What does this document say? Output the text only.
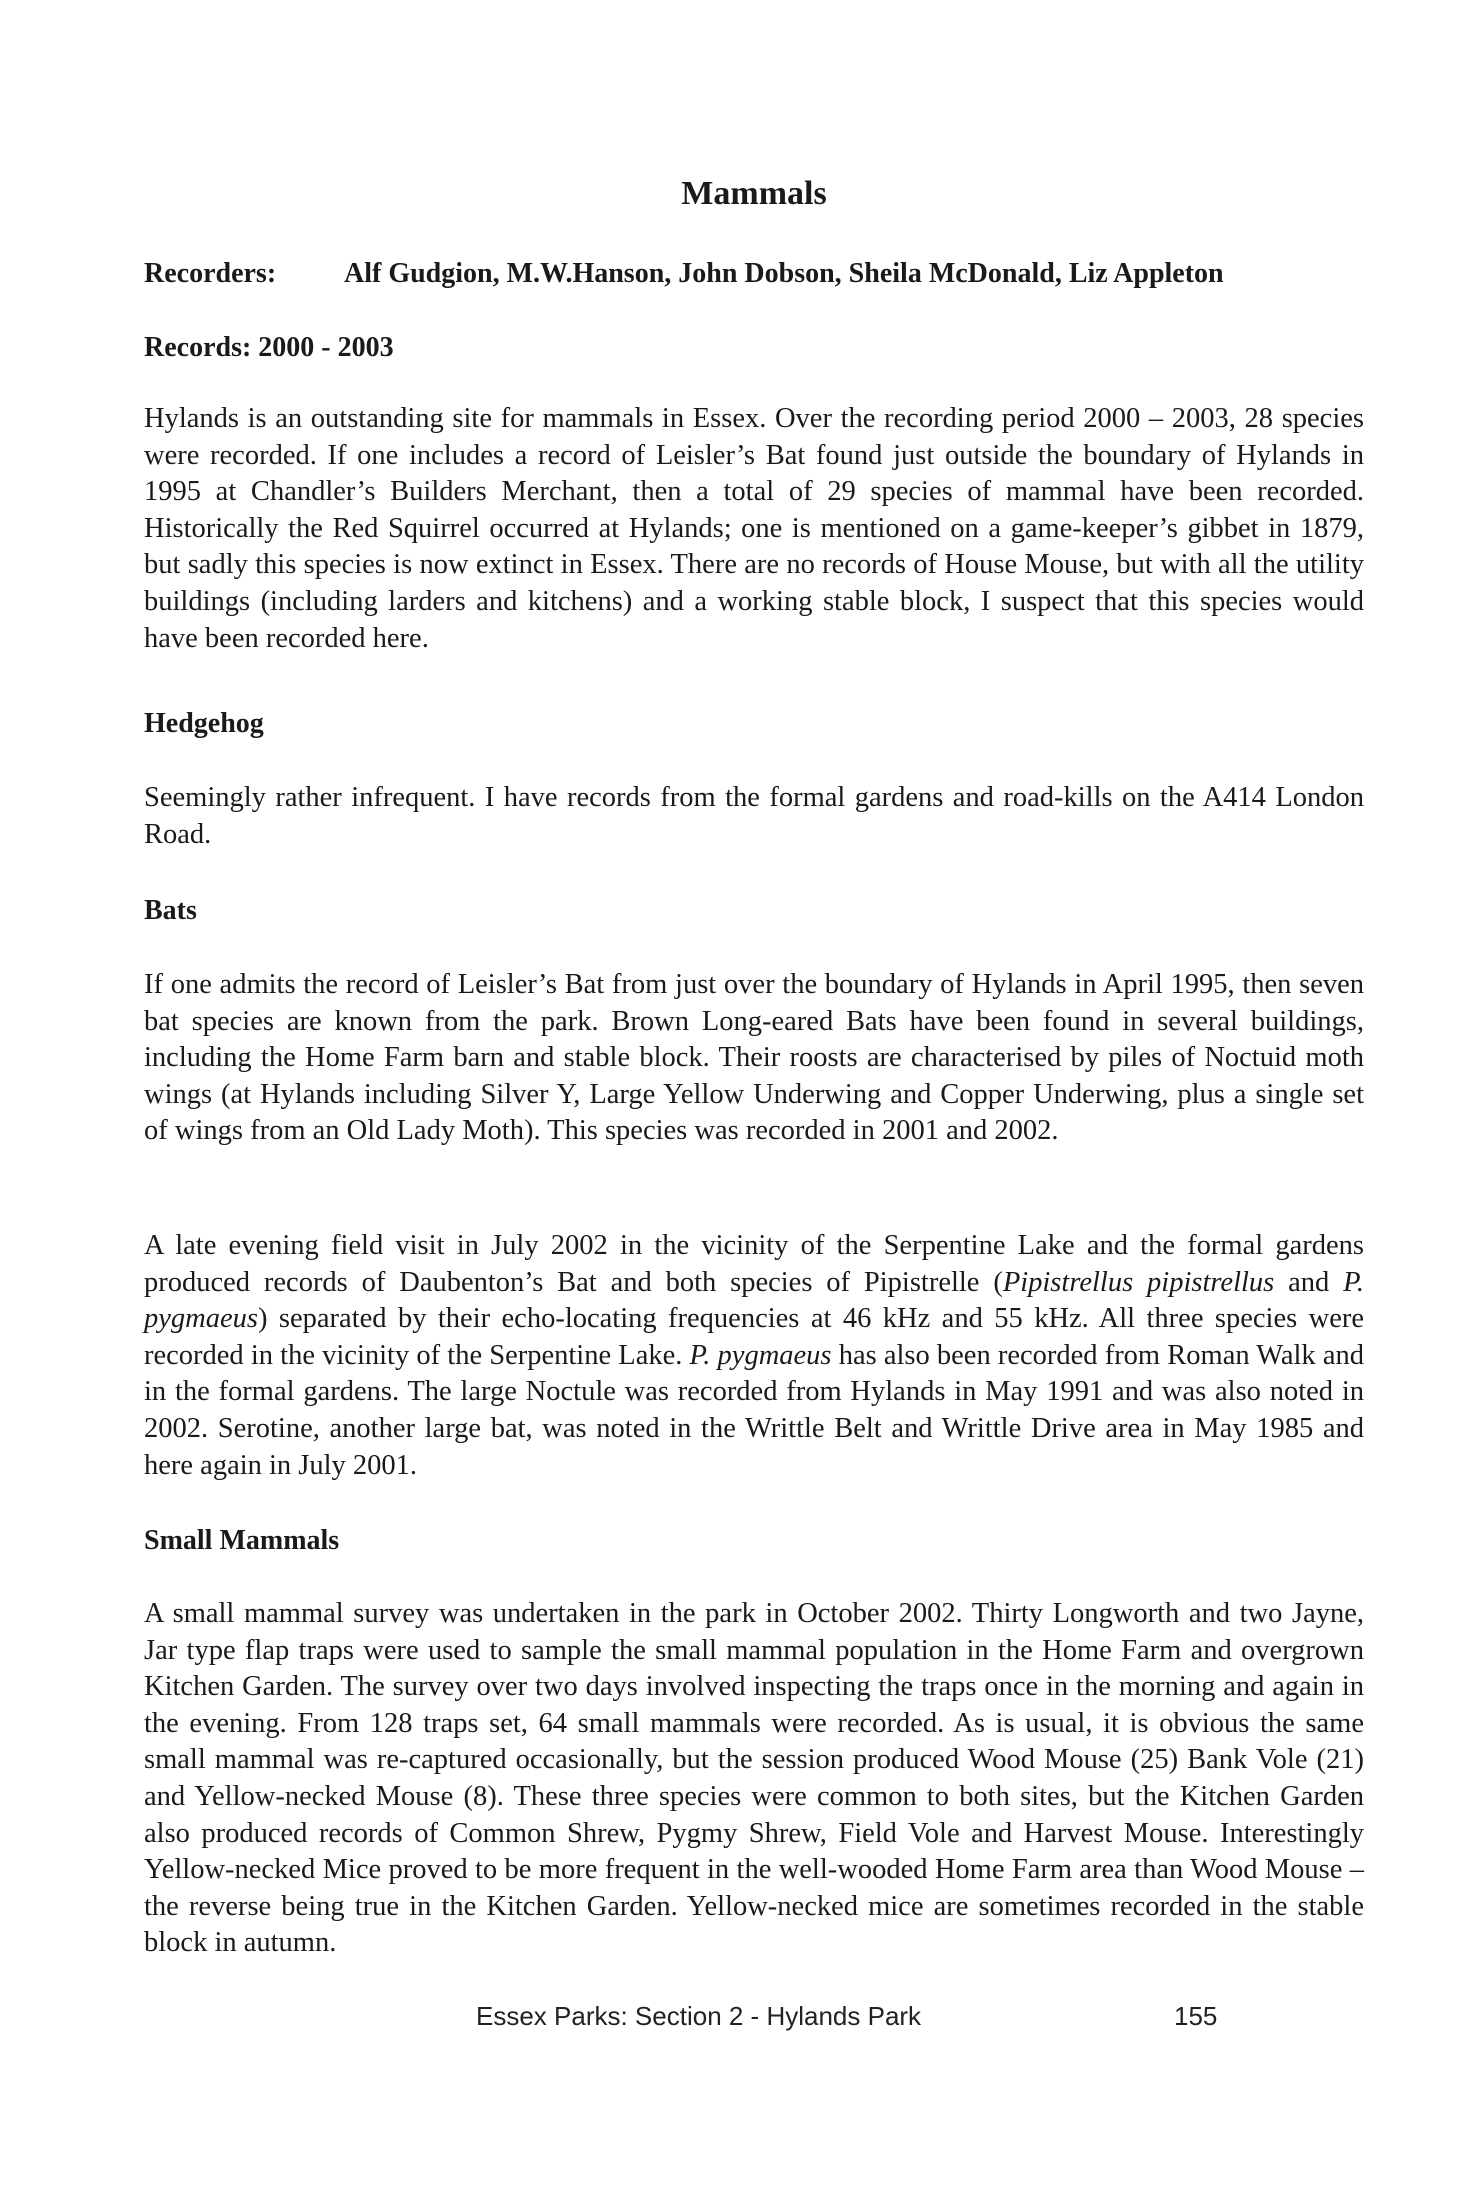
Mammals
Recorders: Alf Gudgion, M.W.Hanson, John Dobson, Sheila McDonald, Liz Appleton
Records: 2000 - 2003

Hylands is an outstanding site for mammals in Essex. Over the recording period 2000 – 2003, 28 species were recorded. If one includes a record of Leisler’s Bat found just outside the boundary of Hylands in 1995 at Chandler’s Builders Merchant, then a total of 29 species of mammal have been recorded. Historically the Red Squirrel occurred at Hylands; one is mentioned on a game-keeper’s gibbet in 1879, but sadly this species is now extinct in Essex. There are no records of House Mouse, but with all the utility buildings (including larders and kitchens) and a working stable block, I suspect that this species would have been recorded here.

Hedgehog

Seemingly rather infrequent. I have records from the formal gardens and road-kills on the A414 London Road.

Bats

If one admits the record of Leisler’s Bat from just over the boundary of Hylands in April 1995, then seven bat species are known from the park. Brown Long-eared Bats have been found in several buildings, including the Home Farm barn and stable block. Their roosts are characterised by piles of Noctuid moth wings (at Hylands including Silver Y, Large Yellow Underwing and Copper Underwing, plus a single set of wings from an Old Lady Moth). This species was recorded in 2001 and 2002.

A late evening field visit in July 2002 in the vicinity of the Serpentine Lake and the formal gardens produced records of Daubenton’s Bat and both species of Pipistrelle (Pipistrellus pipistrellus and P. pygmaeus) separated by their echo-locating frequencies at 46 kHz and 55 kHz. All three species were recorded in the vicinity of the Serpentine Lake. P. pygmaeus has also been recorded from Roman Walk and in the formal gardens. The large Noctule was recorded from Hylands in May 1991 and was also noted in 2002. Serotine, another large bat, was noted in the Writtle Belt and Writtle Drive area in May 1985 and here again in July 2001.

Small Mammals

A small mammal survey was undertaken in the park in October 2002. Thirty Longworth and two Jayne, Jar type flap traps were used to sample the small mammal population in the Home Farm and overgrown Kitchen Garden. The survey over two days involved inspecting the traps once in the morning and again in the evening. From 128 traps set, 64 small mammals were recorded. As is usual, it is obvious the same small mammal was re-captured occasionally, but the session produced Wood Mouse (25) Bank Vole (21) and Yellow-necked Mouse (8). These three species were common to both sites, but the Kitchen Garden also produced records of Common Shrew, Pygmy Shrew, Field Vole and Harvest Mouse. Interestingly Yellow-necked Mice proved to be more frequent in the well-wooded Home Farm area than Wood Mouse – the reverse being true in the Kitchen Garden. Yellow-necked mice are sometimes recorded in the stable block in autumn.

Essex Parks: Section 2 - Hylands Park	155
